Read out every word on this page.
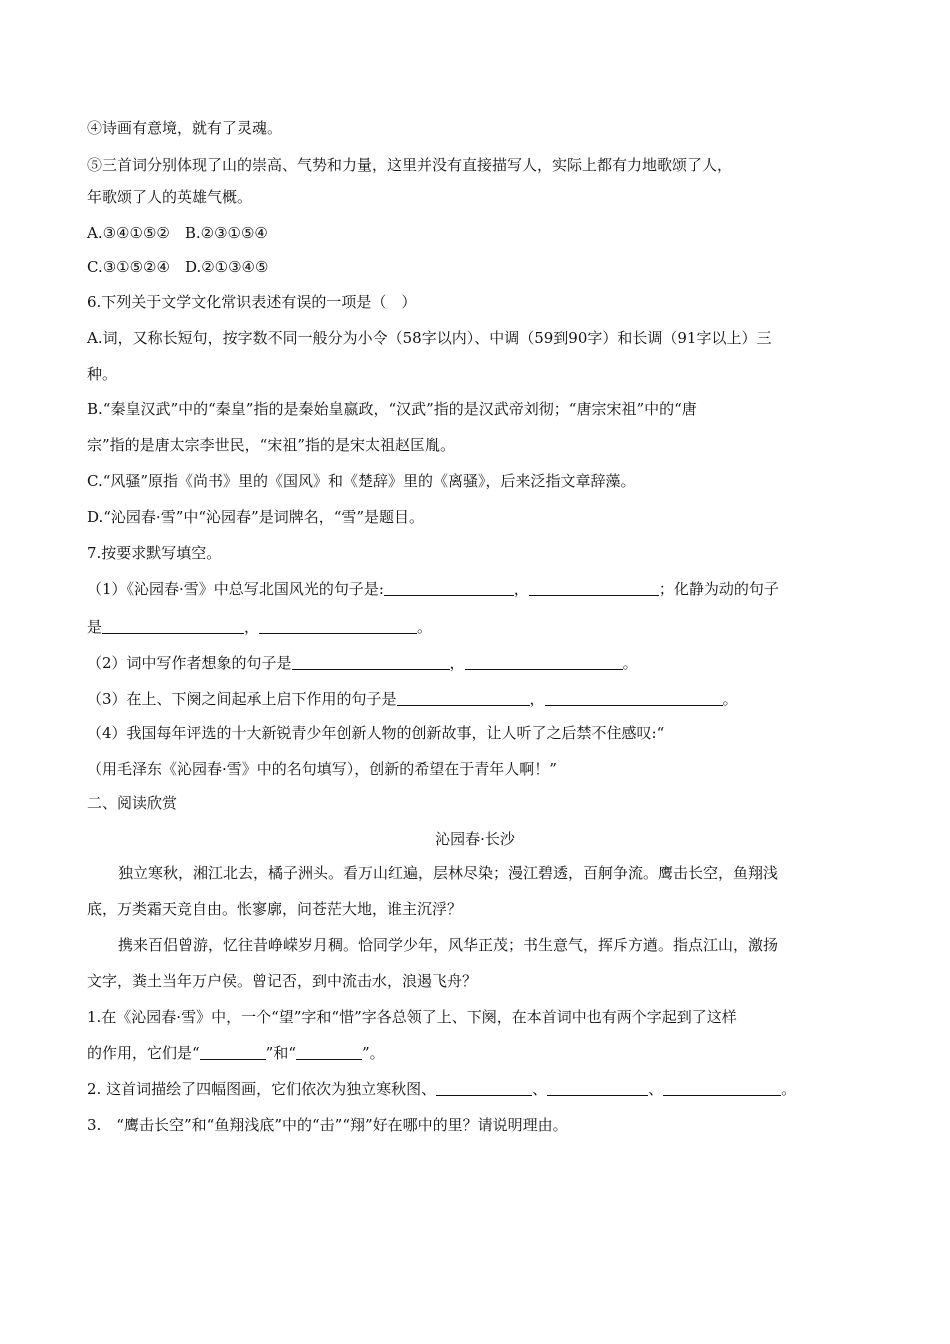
④诗画有意境，就有了灵魂。
⑤三首词分别体现了山的崇高、气势和力量，这里并没有直接描写人，实际上都有力地歌颂了人，
年歌颂了人的英雄气概。
A.③④①⑤②　B.②③①⑤④
C.③①⑤②④　D.②①③④⑤
6.下列关于文学文化常识表述有误的一项是（　）
A.词，又称长短句，按字数不同一般分为小令（58字以内）、中调（59到90字）和长调（91字以上）三
种。
B.“秦皇汉武”中的“秦皇”指的是秦始皇嬴政，“汉武”指的是汉武帝刘彻；“唐宗宋祖”中的“唐
宗”指的是唐太宗李世民，“宋祖”指的是宋太祖赵匡胤。
C.“风骚”原指《尚书》里的《国风》和《楚辞》里的《离骚》，后来泛指文章辞藻。
D.“沁园春·雪”中“沁园春”是词牌名，“雪”是题目。
7.按要求默写填空。
（1）《沁园春·雪》中总写北国风光的句子是:	，	；化静为动的句子
是	，	。
（2）词中写作者想象的句子是	，	。
（3）在上、下阕之间起承上启下作用的句子是	，	。
（4）我国每年评选的十大新锐青少年创新人物的创新故事，让人听了之后禁不住感叹:“
（用毛泽东《沁园春·雪》中的名句填写），创新的希望在于青年人啊！”
二、阅读欣赏
沁园春·长沙
独立寒秋，湘江北去，橘子洲头。看万山红遍，层林尽染；漫江碧透，百舸争流。鹰击长空，鱼翔浅
底，万类霜天竞自由。怅寥廓，问苍茫大地，谁主沉浮？
携来百侣曾游，忆往昔峥嵘岁月稠。恰同学少年，风华正茂；书生意气，挥斥方遒。指点江山，激扬
文字，粪土当年万户侯。曾记否，到中流击水，浪遏飞舟？
1.在《沁园春·雪》中，一个“望”字和“惜”字各总领了上、下阕，在本首词中也有两个字起到了这样
的作用，它们是“	”和“	”。
2. 这首词描绘了四幅图画，它们依次为独立寒秋图、	、	、	。
3.　“鹰击长空”和“鱼翔浅底”中的“击”“翔”好在哪中的里？请说明理由。
